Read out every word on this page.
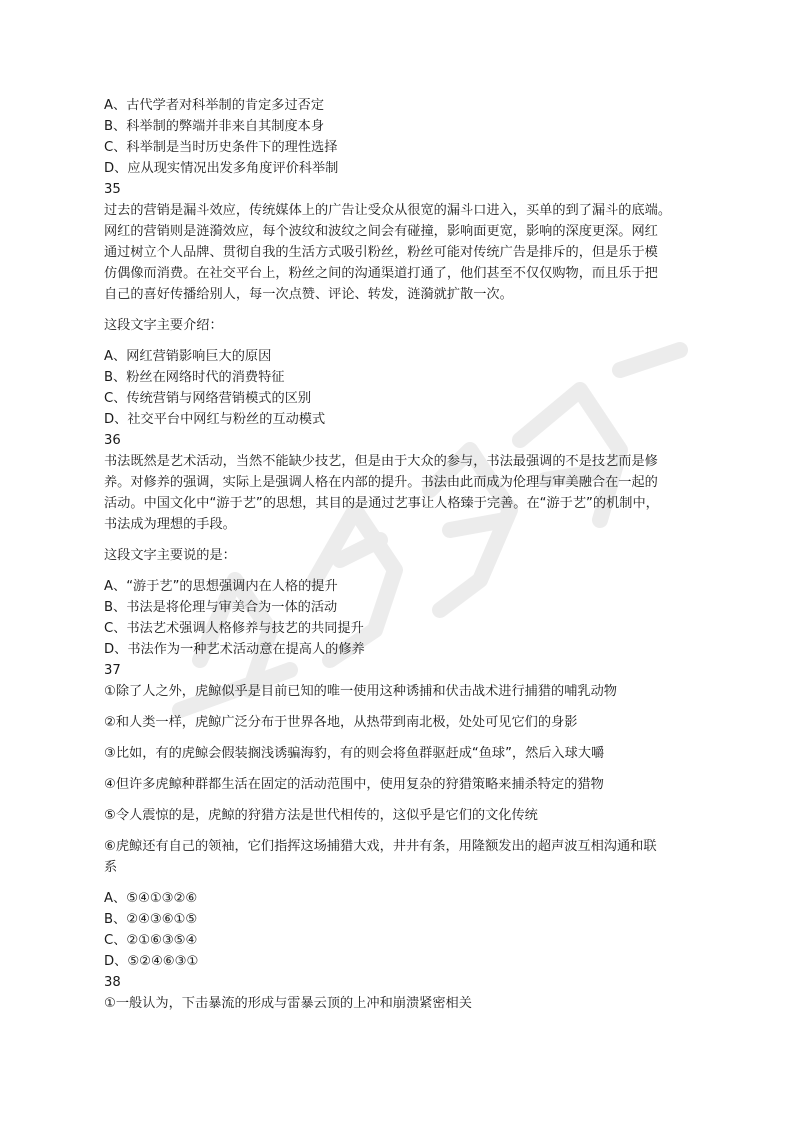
A、古代学者对科举制的肯定多过否定
B、科举制的弊端并非来自其制度本身
C、科举制是当时历史条件下的理性选择
D、应从现实情况出发多角度评价科举制
35
过去的营销是漏斗效应，传统媒体上的广告让受众从很宽的漏斗口进入，买单的到了漏斗的底端。
网红的营销则是涟漪效应，每个波纹和波纹之间会有碰撞，影响面更宽，影响的深度更深。网红
通过树立个人品牌、贯彻自我的生活方式吸引粉丝，粉丝可能对传统广告是排斥的，但是乐于模
仿偶像而消费。在社交平台上，粉丝之间的沟通渠道打通了，他们甚至不仅仅购物，而且乐于把
自己的喜好传播给别人，每一次点赞、评论、转发，涟漪就扩散一次。
这段文字主要介绍：
A、网红营销影响巨大的原因
B、粉丝在网络时代的消费特征
C、传统营销与网络营销模式的区别
D、社交平台中网红与粉丝的互动模式
36
书法既然是艺术活动，当然不能缺少技艺，但是由于大众的参与，书法最强调的不是技艺而是修
养。对修养的强调，实际上是强调人格在内部的提升。书法由此而成为伦理与审美融合在一起的
活动。中国文化中“游于艺”的思想，其目的是通过艺事让人格臻于完善。在“游于艺”的机制中，
书法成为理想的手段。
这段文字主要说的是：
A、“游于艺”的思想强调内在人格的提升
B、书法是将伦理与审美合为一体的活动
C、书法艺术强调人格修养与技艺的共同提升
D、书法作为一种艺术活动意在提高人的修养
37
①除了人之外，虎鲸似乎是目前已知的唯一使用这种诱捕和伏击战术进行捕猎的哺乳动物
②和人类一样，虎鲸广泛分布于世界各地，从热带到南北极，处处可见它们的身影
③比如，有的虎鲸会假装搁浅诱骗海豹，有的则会将鱼群驱赶成“鱼球”，然后入球大嚼
④但许多虎鲸种群都生活在固定的活动范围中，使用复杂的狩猎策略来捕杀特定的猎物
⑤令人震惊的是，虎鲸的狩猎方法是世代相传的，这似乎是它们的文化传统
⑥虎鲸还有自己的领袖，它们指挥这场捕猎大戏，井井有条，用隆额发出的超声波互相沟通和联
系
A、⑤④①③②⑥
B、②④③⑥①⑤
C、②①⑥③⑤④
D、⑤②④⑥③①
38
①一般认为，下击暴流的形成与雷暴云顶的上冲和崩溃紧密相关
